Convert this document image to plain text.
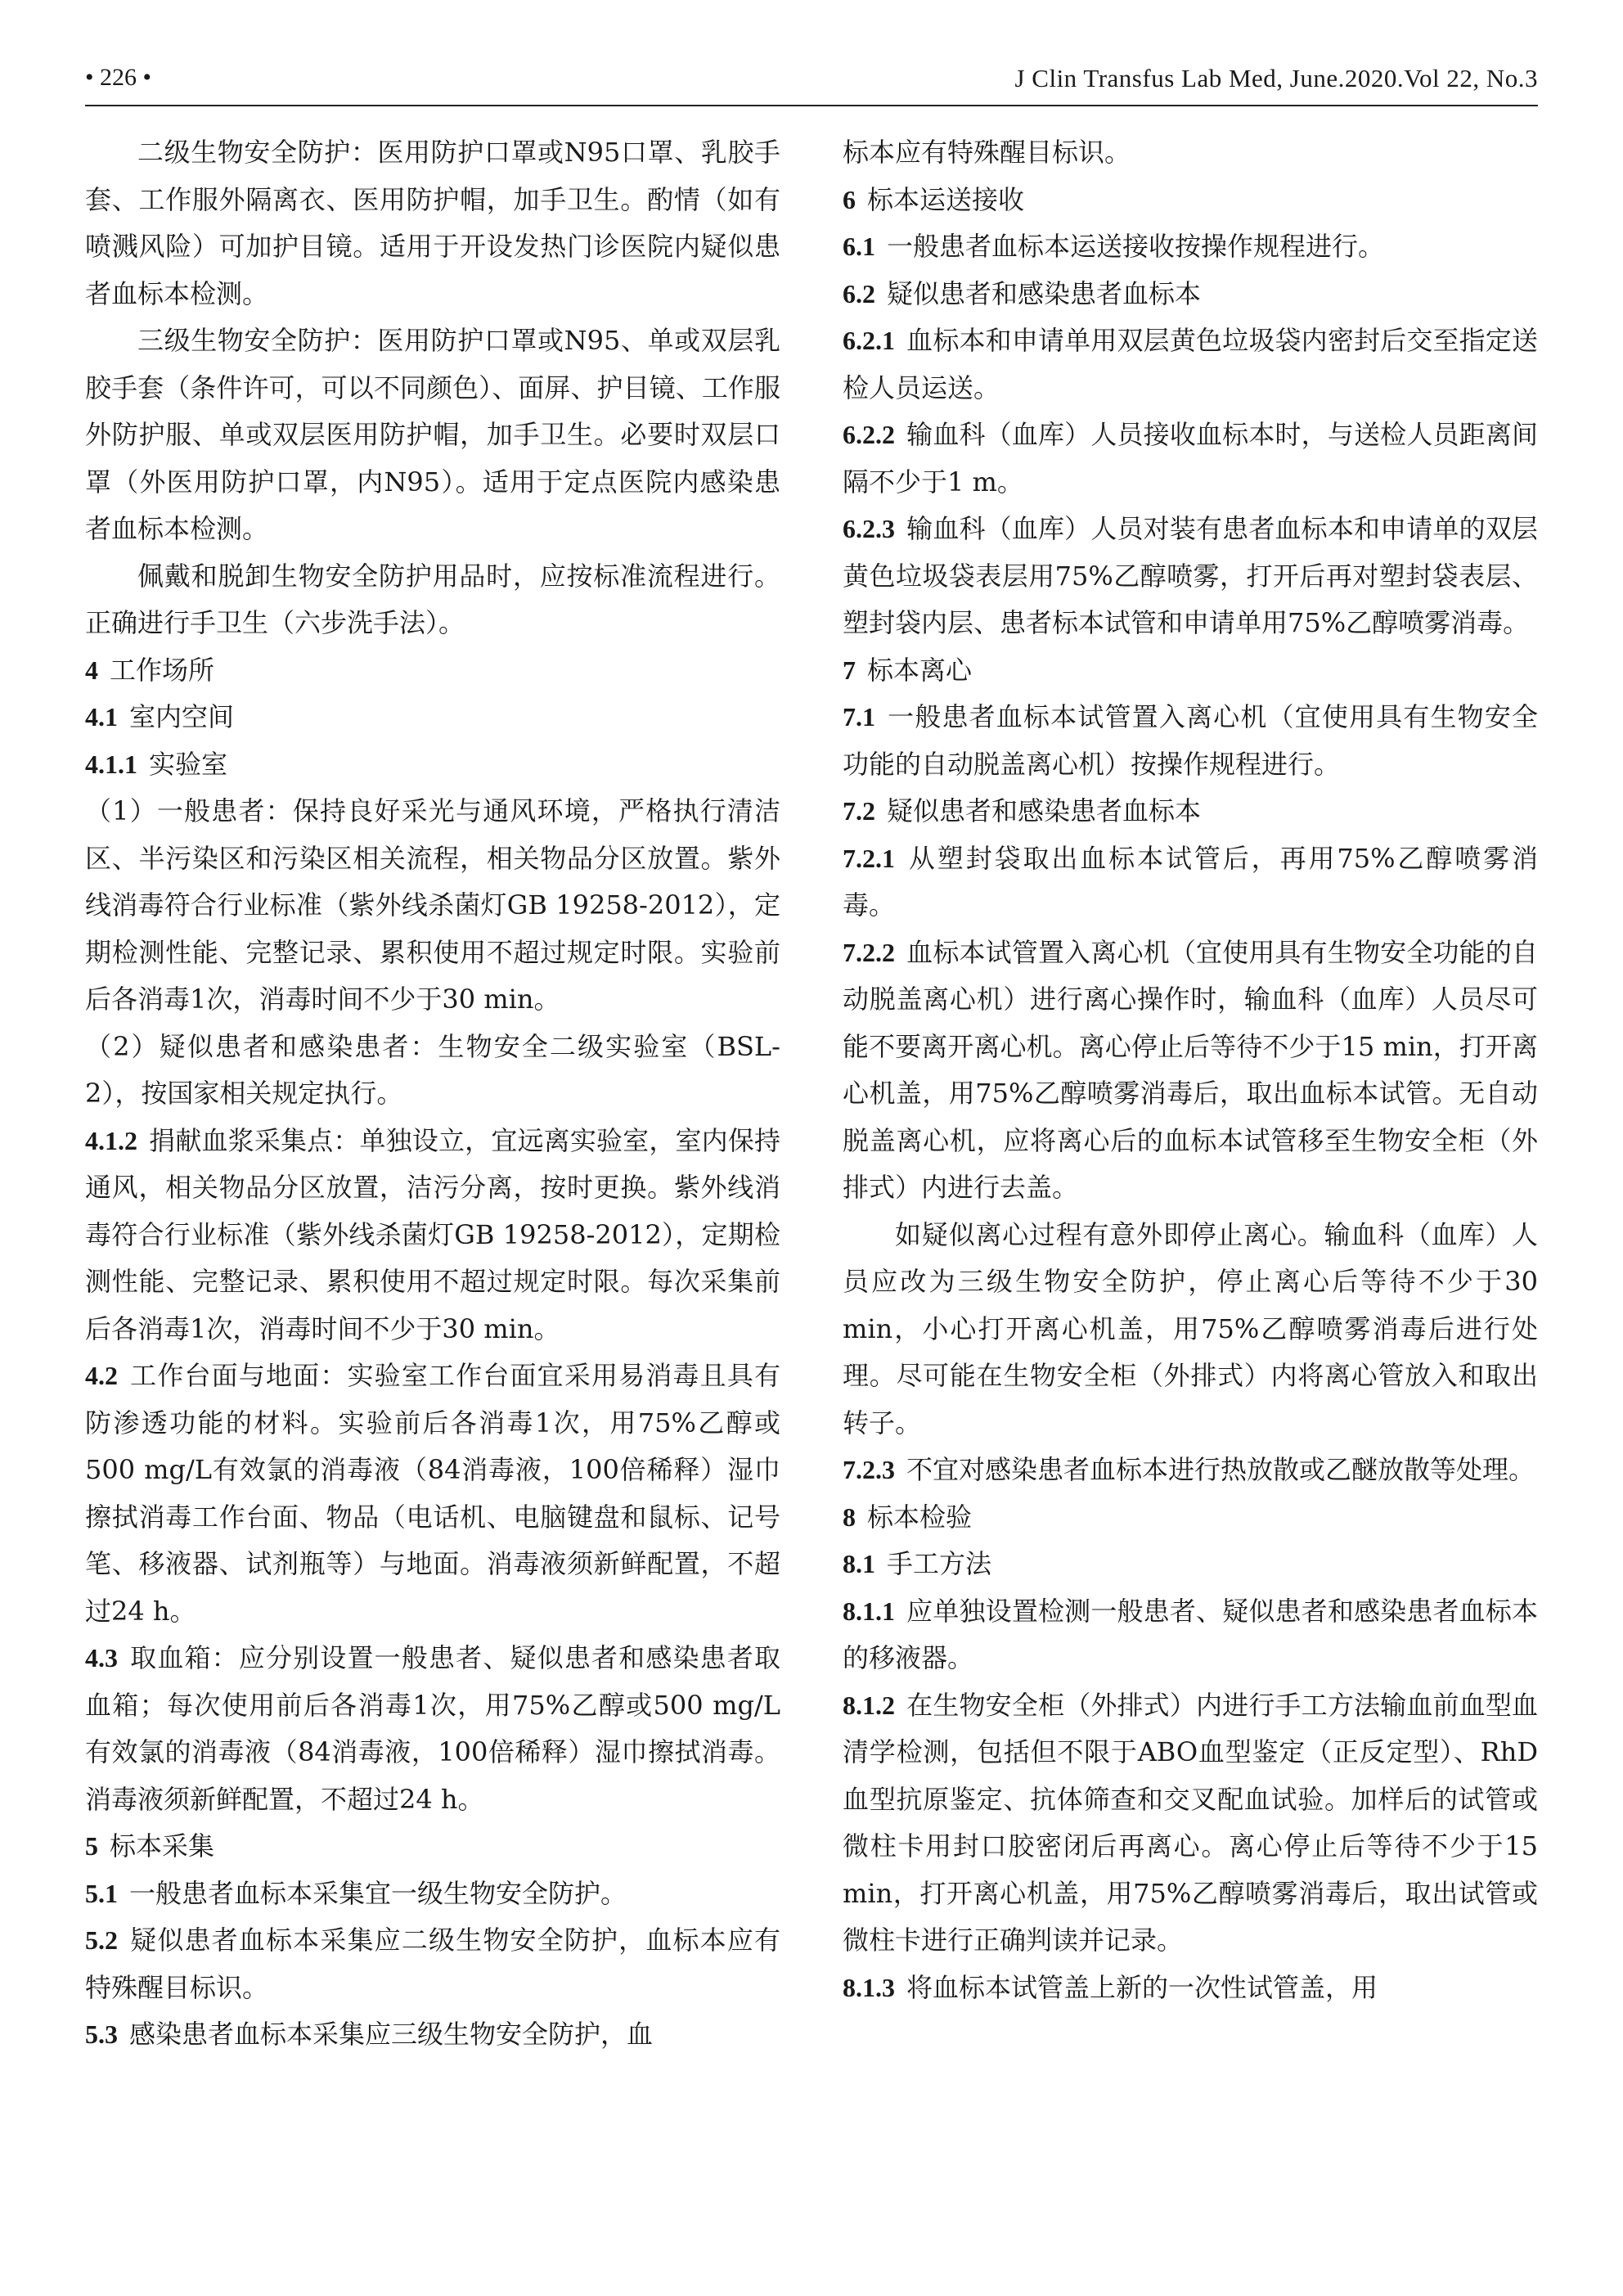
• 226 •	J Clin Transfus Lab Med, June.2020.Vol 22, No.3

二级生物安全防护：医用防护口罩或N95口罩、乳胶手套、工作服外隔离衣、医用防护帽，加手卫生。酌情（如有喷溅风险）可加护目镜。适用于开设发热门诊医院内疑似患者血标本检测。

三级生物安全防护：医用防护口罩或N95、单或双层乳胶手套（条件许可，可以不同颜色）、面屏、护目镜、工作服外防护服、单或双层医用防护帽，加手卫生。必要时双层口罩（外医用防护口罩，内N95）。适用于定点医院内感染患者血标本检测。

佩戴和脱卸生物安全防护用品时，应按标准流程进行。正确进行手卫生（六步洗手法）。

4 工作场所

4.1 室内空间

4.1.1 实验室

（1）一般患者：保持良好采光与通风环境，严格执行清洁区、半污染区和污染区相关流程，相关物品分区放置。紫外线消毒符合行业标准（紫外线杀菌灯GB 19258-2012），定期检测性能、完整记录、累积使用不超过规定时限。实验前后各消毒1次，消毒时间不少于30 min。

（2）疑似患者和感染患者：生物安全二级实验室（BSL-2），按国家相关规定执行。

4.1.2 捐献血浆采集点：单独设立，宜远离实验室，室内保持通风，相关物品分区放置，洁污分离，按时更换。紫外线消毒符合行业标准（紫外线杀菌灯GB 19258-2012），定期检测性能、完整记录、累积使用不超过规定时限。每次采集前后各消毒1次，消毒时间不少于30 min。

4.2 工作台面与地面：实验室工作台面宜采用易消毒且具有防渗透功能的材料。实验前后各消毒1次，用75%乙醇或500 mg/L有效氯的消毒液（84消毒液，100倍稀释）湿巾擦拭消毒工作台面、物品（电话机、电脑键盘和鼠标、记号笔、移液器、试剂瓶等）与地面。消毒液须新鲜配置，不超过24 h。

4.3 取血箱：应分别设置一般患者、疑似患者和感染患者取血箱；每次使用前后各消毒1次，用75%乙醇或500 mg/L有效氯的消毒液（84消毒液，100倍稀释）湿巾擦拭消毒。消毒液须新鲜配置，不超过24 h。

5 标本采集

5.1 一般患者血标本采集宜一级生物安全防护。

5.2 疑似患者血标本采集应二级生物安全防护，血标本应有特殊醒目标识。

5.3 感染患者血标本采集应三级生物安全防护，血

标本应有特殊醒目标识。

6 标本运送接收

6.1 一般患者血标本运送接收按操作规程进行。

6.2 疑似患者和感染患者血标本

6.2.1 血标本和申请单用双层黄色垃圾袋内密封后交至指定送检人员运送。

6.2.2 输血科（血库）人员接收血标本时，与送检人员距离间隔不少于1 m。

6.2.3 输血科（血库）人员对装有患者血标本和申请单的双层黄色垃圾袋表层用75%乙醇喷雾，打开后再对塑封袋表层、塑封袋内层、患者标本试管和申请单用75%乙醇喷雾消毒。

7 标本离心

7.1 一般患者血标本试管置入离心机（宜使用具有生物安全功能的自动脱盖离心机）按操作规程进行。

7.2 疑似患者和感染患者血标本

7.2.1 从塑封袋取出血标本试管后，再用75%乙醇喷雾消毒。

7.2.2 血标本试管置入离心机（宜使用具有生物安全功能的自动脱盖离心机）进行离心操作时，输血科（血库）人员尽可能不要离开离心机。离心停止后等待不少于15 min，打开离心机盖，用75%乙醇喷雾消毒后，取出血标本试管。无自动脱盖离心机，应将离心后的血标本试管移至生物安全柜（外排式）内进行去盖。

如疑似离心过程有意外即停止离心。输血科（血库）人员应改为三级生物安全防护，停止离心后等待不少于30 min，小心打开离心机盖，用75%乙醇喷雾消毒后进行处理。尽可能在生物安全柜（外排式）内将离心管放入和取出转子。

7.2.3 不宜对感染患者血标本进行热放散或乙醚放散等处理。

8 标本检验

8.1 手工方法

8.1.1 应单独设置检测一般患者、疑似患者和感染患者血标本的移液器。

8.1.2 在生物安全柜（外排式）内进行手工方法输血前血型血清学检测，包括但不限于ABO血型鉴定（正反定型）、RhD血型抗原鉴定、抗体筛查和交叉配血试验。加样后的试管或微柱卡用封口胶密闭后再离心。离心停止后等待不少于15 min，打开离心机盖，用75%乙醇喷雾消毒后，取出试管或微柱卡进行正确判读并记录。

8.1.3 将血标本试管盖上新的一次性试管盖，用
